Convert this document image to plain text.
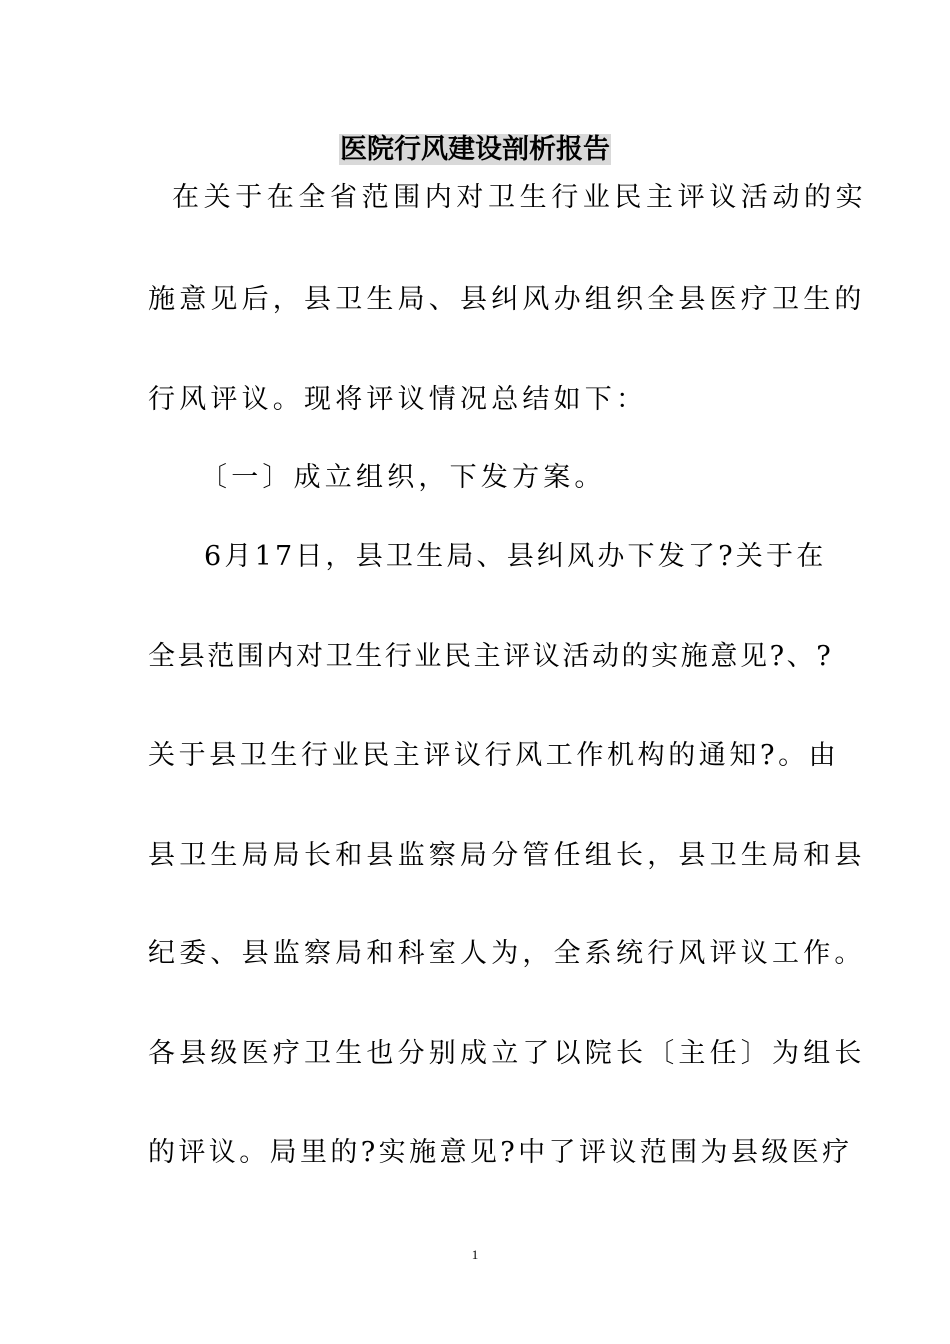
医院行风建设剖析报告
在关于在全省范围内对卫生行业民主评议活动的实
施意见后，县卫生局、县纠风办组织全县医疗卫生的
行风评议。现将评议情况总结如下：
〔一〕成立组织，下发方案。
6月17日，县卫生局、县纠风办下发了?关于在
全县范围内对卫生行业民主评议活动的实施意见?、?
关于县卫生行业民主评议行风工作机构的通知?。由
县卫生局局长和县监察局分管任组长，县卫生局和县
纪委、县监察局和科室人为，全系统行风评议工作。
各县级医疗卫生也分别成立了以院长〔主任〕为组长
的评议。局里的?实施意见?中了评议范围为县级医疗
1
